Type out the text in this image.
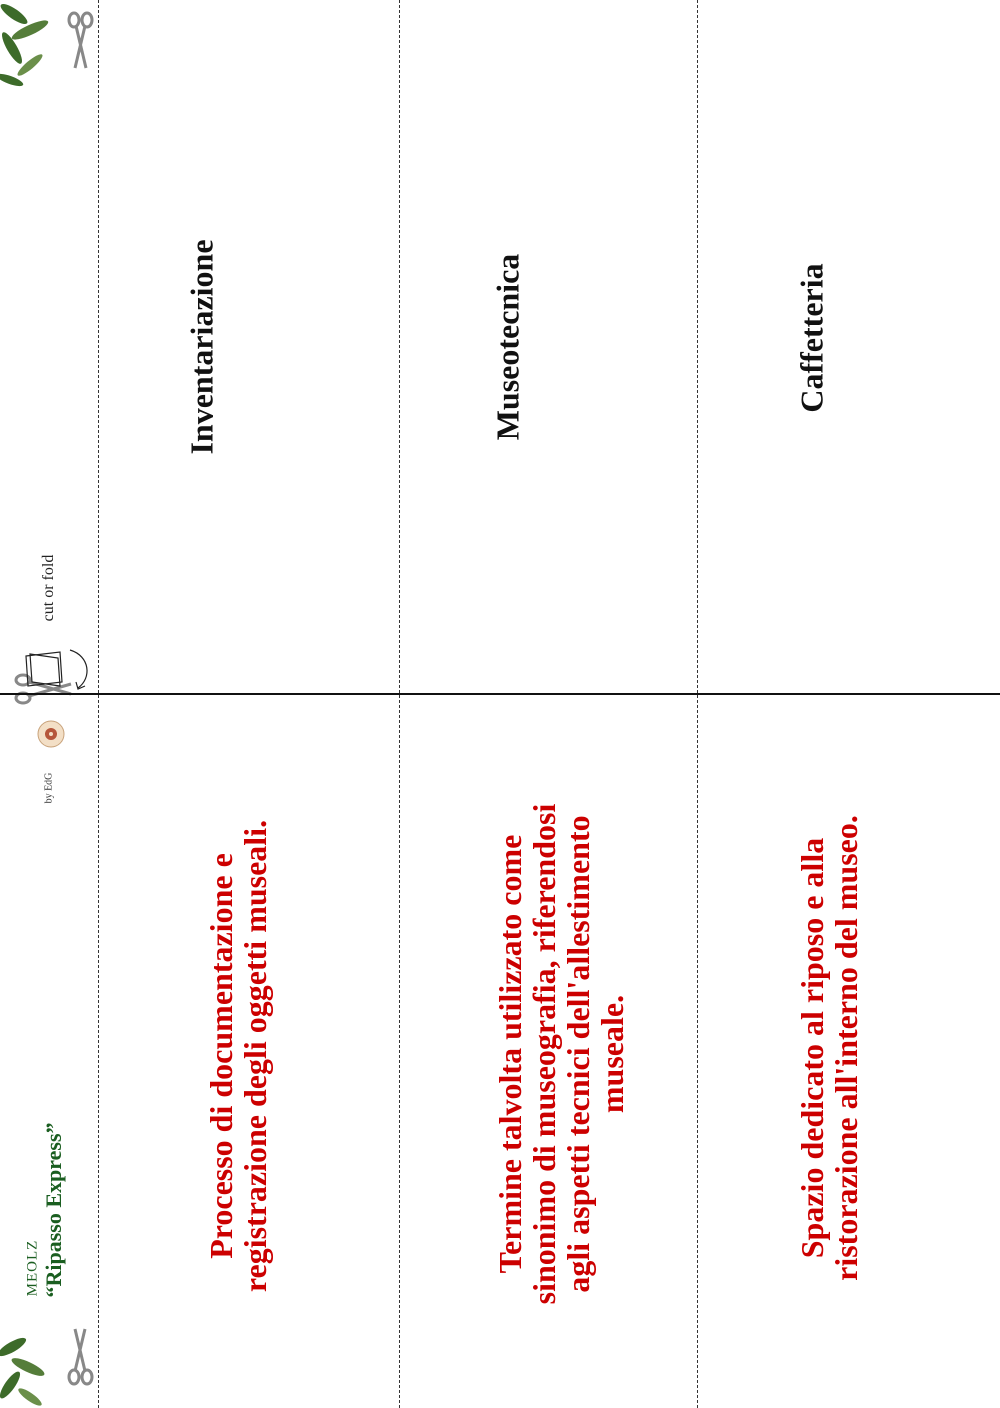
cut or fold
by EdG
MEOLZ “Ripasso Express”
Inventariazione	Museotecnica	Caffetteria
Processo di documentazione e registrazione degli oggetti museali.	Termine talvolta utilizzato come sinonimo di museografia, riferendosi agli aspetti tecnici dell'allestimento museale.	Spazio dedicato al riposo e alla ristorazione all'interno del museo.
